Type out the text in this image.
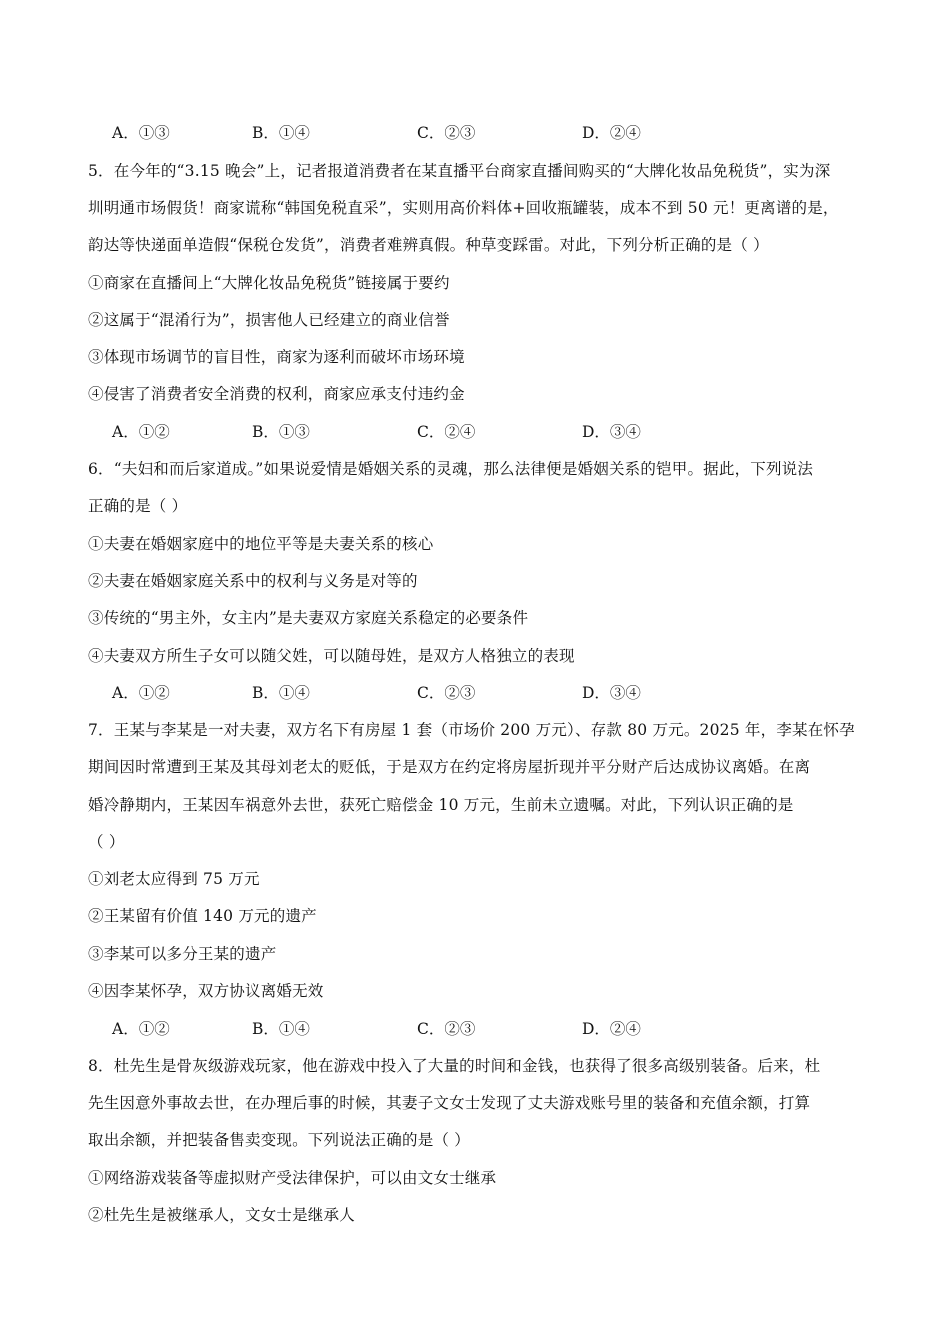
A．①③	B．①④	C．②③	D．②④
5．在今年的“3.15 晚会”上，记者报道消费者在某直播平台商家直播间购买的“大牌化妆品免税货”，实为深
圳明通市场假货！商家谎称“韩国免税直采”，实则用高价料体+回收瓶罐装，成本不到 50 元！更离谱的是，
韵达等快递面单造假“保税仓发货”，消费者难辨真假。种草变踩雷。对此，下列分析正确的是（ ）
①商家在直播间上“大牌化妆品免税货”链接属于要约
②这属于“混淆行为”，损害他人已经建立的商业信誉
③体现市场调节的盲目性，商家为逐利而破坏市场环境
④侵害了消费者安全消费的权利，商家应承支付违约金
A．①②	B．①③	C．②④	D．③④
6．“夫妇和而后家道成。”如果说爱情是婚姻关系的灵魂，那么法律便是婚姻关系的铠甲。据此，下列说法
正确的是（ ）
①夫妻在婚姻家庭中的地位平等是夫妻关系的核心
②夫妻在婚姻家庭关系中的权利与义务是对等的
③传统的“男主外，女主内”是夫妻双方家庭关系稳定的必要条件
④夫妻双方所生子女可以随父姓，可以随母姓，是双方人格独立的表现
A．①②	B．①④	C．②③	D．③④
7．王某与李某是一对夫妻，双方名下有房屋 1 套（市场价 200 万元）、存款 80 万元。2025 年，李某在怀孕
期间因时常遭到王某及其母刘老太的贬低，于是双方在约定将房屋折现并平分财产后达成协议离婚。在离
婚冷静期内，王某因车祸意外去世，获死亡赔偿金 10 万元，生前未立遗嘱。对此，下列认识正确的是
（ ）
①刘老太应得到 75 万元
②王某留有价值 140 万元的遗产
③李某可以多分王某的遗产
④因李某怀孕，双方协议离婚无效
A．①②	B．①④	C．②③	D．②④
8．杜先生是骨灰级游戏玩家，他在游戏中投入了大量的时间和金钱，也获得了很多高级别装备。后来，杜
先生因意外事故去世，在办理后事的时候，其妻子文女士发现了丈夫游戏账号里的装备和充值余额，打算
取出余额，并把装备售卖变现。下列说法正确的是（ ）
①网络游戏装备等虚拟财产受法律保护，可以由文女士继承
②杜先生是被继承人，文女士是继承人
